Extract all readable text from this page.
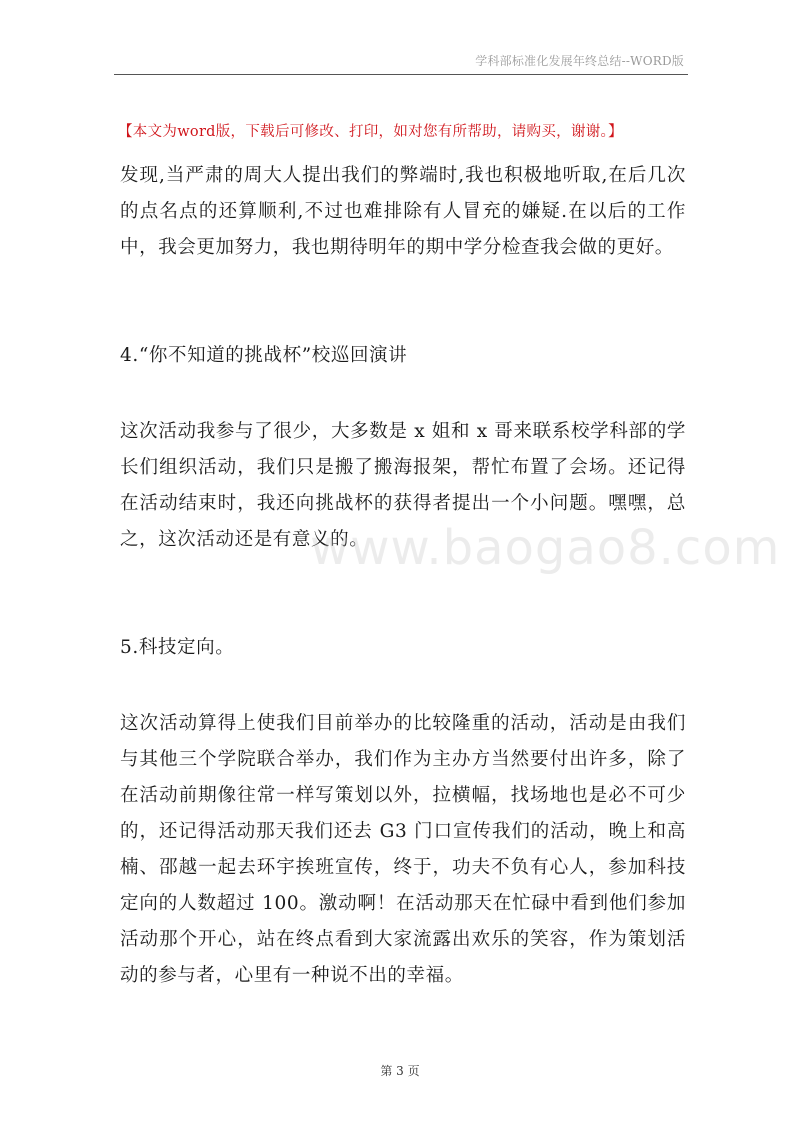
学科部标准化发展年终总结--WORD版
【本文为word版，下载后可修改、打印，如对您有所帮助，请购买，谢谢。】

发现,当严肃的周大人提出我们的弊端时,我也积极地听取,在后几次的点名点的还算顺利,不过也难排除有人冒充的嫌疑.在以后的工作中，我会更加努力，我也期待明年的期中学分检查我会做的更好。

4.“你不知道的挑战杯”校巡回演讲

这次活动我参与了很少，大多数是 x 姐和 x 哥来联系校学科部的学长们组织活动，我们只是搬了搬海报架，帮忙布置了会场。还记得在活动结束时，我还向挑战杯的获得者提出一个小问题。嘿嘿，总之，这次活动还是有意义的。

5.科技定向。

这次活动算得上使我们目前举办的比较隆重的活动，活动是由我们与其他三个学院联合举办，我们作为主办方当然要付出许多，除了在活动前期像往常一样写策划以外，拉横幅，找场地也是必不可少的，还记得活动那天我们还去 G3 门口宣传我们的活动，晚上和高楠、邵越一起去环宇挨班宣传，终于，功夫不负有心人，参加科技定向的人数超过 100。激动啊！在活动那天在忙碌中看到他们参加活动那个开心，站在终点看到大家流露出欢乐的笑容，作为策划活动的参与者，心里有一种说不出的幸福。

www.baogao8.com
第 3 页
